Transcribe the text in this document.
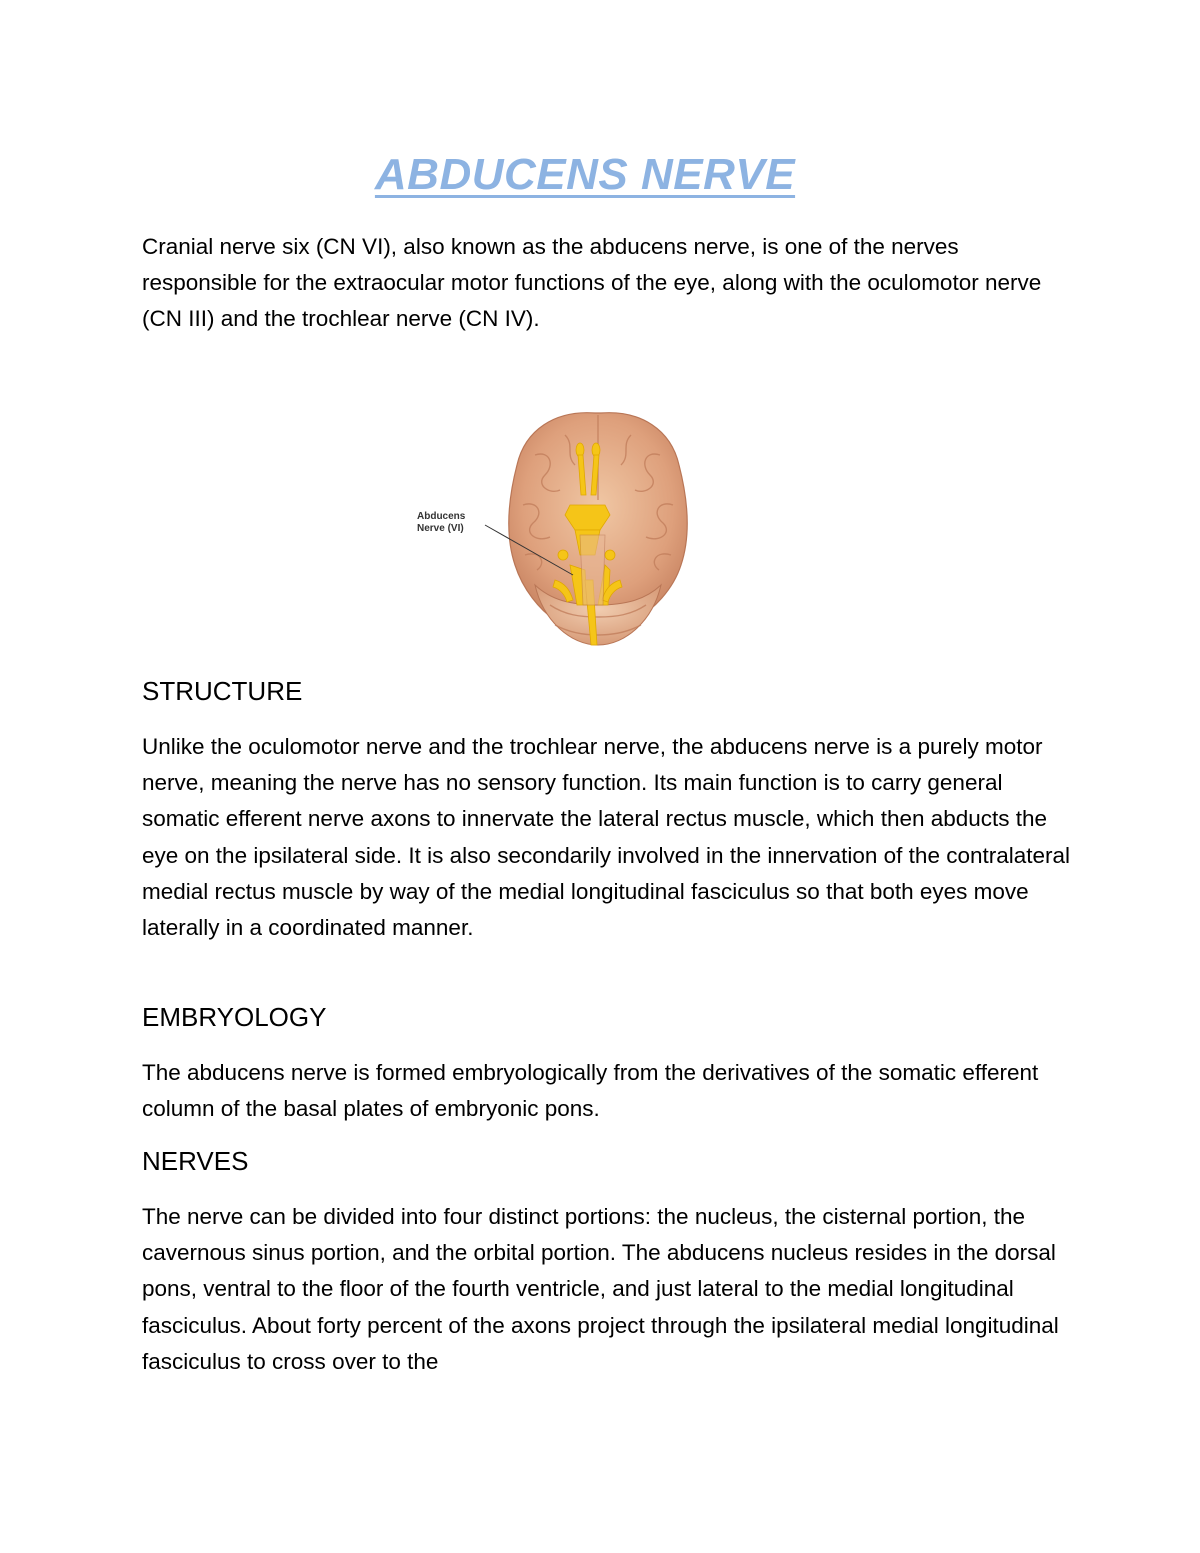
ABDUCENS NERVE

Cranial nerve six (CN VI), also known as the abducens nerve, is one of the nerves responsible for the extraocular motor functions of the eye, along with the oculomotor nerve (CN III) and the trochlear nerve (CN IV).

Abducens
Nerve (VI)
STRUCTURE

Unlike the oculomotor nerve and the trochlear nerve, the abducens nerve is a purely motor nerve, meaning the nerve has no sensory function. Its main function is to carry general somatic efferent nerve axons to innervate the lateral rectus muscle, which then abducts the eye on the ipsilateral side. It is also secondarily involved in the innervation of the contralateral medial rectus muscle by way of the medial longitudinal fasciculus so that both eyes move laterally in a coordinated manner.

EMBRYOLOGY

The abducens nerve is formed embryologically from the derivatives of the somatic efferent column of the basal plates of embryonic pons.

NERVES

The nerve can be divided into four distinct portions: the nucleus, the cisternal portion, the cavernous sinus portion, and the orbital portion. The abducens nucleus resides in the dorsal pons, ventral to the floor of the fourth ventricle, and just lateral to the medial longitudinal fasciculus. About forty percent of the axons project through the ipsilateral medial longitudinal fasciculus to cross over to the
